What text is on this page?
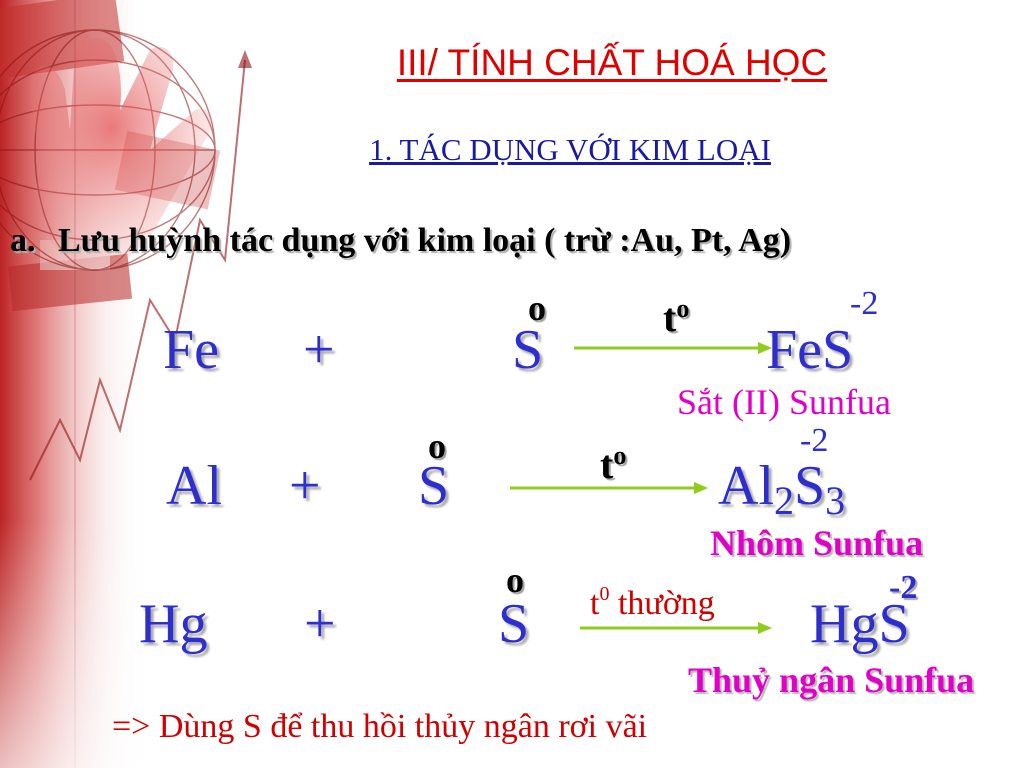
III/ TÍNH CHẤT HOÁ HỌC
1. TÁC DỤNG VỚI KIM LOẠI
a. Lưu huỳnh tác dụng với kim loại ( trừ :Au, Pt, Ag)
Fe +
o
S
$t^o$
FeS
-2
Sắt (II) Sunfua
Al +
o
S	$t^o$ $Al_2S_3$
-2
Nhôm Sunfua
Hg +
o
S $t^0$ thường HgS
-2
Thuỷ ngân Sunfua
=> Dùng S để thu hồi thủy ngân rơi vãi
